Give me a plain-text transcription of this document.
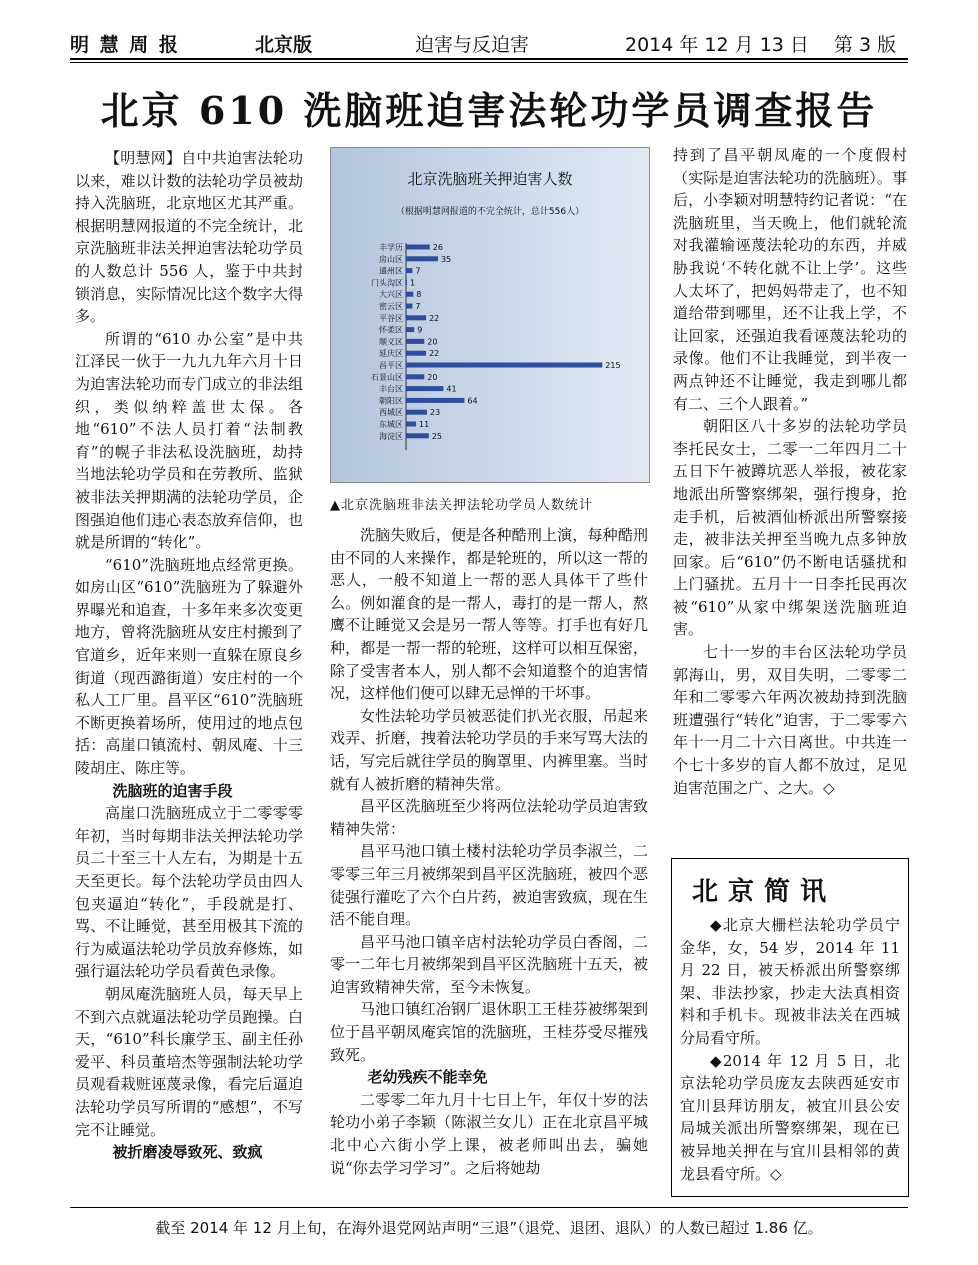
明 慧 周 报	北京版	迫害与反迫害	2014 年 12 月 13 日 第 3 版
北京 610 洗脑班迫害法轮功学员调查报告

【明慧网】自中共迫害法轮功以来，难以计数的法轮功学员被劫持入洗脑班，北京地区尤其严重。根据明慧网报道的不完全统计，北京洗脑班非法关押迫害法轮功学员的人数总计 556 人，鉴于中共封锁消息，实际情况比这个数字大得多。

所谓的“610 办公室”是中共江泽民一伙于一九九九年六月十日为迫害法轮功而专门成立的非法组织，类似纳粹盖世太保。各地“610”不法人员打着“法制教育”的幌子非法私设洗脑班，劫持当地法轮功学员和在劳教所、监狱被非法关押期满的法轮功学员，企图强迫他们违心表态放弃信仰，也就是所谓的“转化”。

“610”洗脑班地点经常更换。如房山区“610”洗脑班为了躲避外界曝光和追查，十多年来多次变更地方，曾将洗脑班从安庄村搬到了官道乡，近年来则一直躲在原良乡街道（现西潞街道）安庄村的一个私人工厂里。昌平区“610”洗脑班不断更换着场所，使用过的地点包括：高崖口镇流村、朝凤庵、十三陵胡庄、陈庄等。

洗脑班的迫害手段

高崖口洗脑班成立于二零零零年初，当时每期非法关押法轮功学员二十至三十人左右，为期是十五天至更长。每个法轮功学员由四人包夹逼迫“转化”，手段就是打、骂、不让睡觉，甚至用极其下流的行为威逼法轮功学员放弃修炼，如强行逼法轮功学员看黄色录像。

朝凤庵洗脑班人员，每天早上不到六点就逼法轮功学员跑操。白天，“610”科长廉学玉、副主任孙爱平、科员董培杰等强制法轮功学员观看栽赃诬蔑录像，看完后逼迫法轮功学员写所谓的“感想”，不写完不让睡觉。

被折磨凌辱致死、致疯
北京洗脑班关押迫害人数
（根据明慧网报道的不完全统计，总计556人）
丰学历	26
房山区	35
通州区 7
门头沟区 1
大兴区 8
密云区 7
平谷区	22
怀柔区 9
顺义区	20
延庆区	22
昌平区	215
石景山区	20
丰台区	41
朝阳区	64
西城区	23
东城区 11
海淀区	25
▲北京洗脑班非法关押法轮功学员人数统计

洗脑失败后，便是各种酷刑上演，每种酷刑由不同的人来操作，都是轮班的，所以这一帮的恶人，一般不知道上一帮的恶人具体干了些什么。例如灌食的是一帮人，毒打的是一帮人，熬鹰不让睡觉又会是另一帮人等等。打手也有好几种，都是一帮一帮的轮班，这样可以相互保密，除了受害者本人，别人都不会知道整个的迫害情况，这样他们便可以肆无忌惮的干坏事。

女性法轮功学员被恶徒们扒光衣服，吊起来戏弄、折磨，拽着法轮功学员的手来写骂大法的话，写完后就往学员的胸罩里、内裤里塞。当时就有人被折磨的精神失常。

昌平区洗脑班至少将两位法轮功学员迫害致精神失常：

昌平马池口镇土楼村法轮功学员李淑兰，二零零三年三月被绑架到昌平区洗脑班，被四个恶徒强行灌吃了六个白片药，被迫害致疯，现在生活不能自理。

昌平马池口镇辛店村法轮功学员白香阁，二零一二年七月被绑架到昌平区洗脑班十五天，被迫害致精神失常，至今未恢复。

马池口镇红冶钢厂退休职工王桂芬被绑架到位于昌平朝凤庵宾馆的洗脑班，王桂芬受尽摧残致死。

老幼残疾不能幸免

二零零二年九月十七日上午，年仅十岁的法轮功小弟子李颖（陈淑兰女儿）正在北京昌平城北中心六街小学上课，被老师叫出去，骗她说“你去学习学习”。之后将她劫

持到了昌平朝凤庵的一个度假村（实际是迫害法轮功的洗脑班）。事后，小李颖对明慧特约记者说：“在洗脑班里，当天晚上，他们就轮流对我灌输诬蔑法轮功的东西，并威胁我说‘不转化就不让上学’。这些人太坏了，把妈妈带走了，也不知道给带到哪里，还不让我上学，不让回家，还强迫我看诬蔑法轮功的录像。他们不让我睡觉，到半夜一两点钟还不让睡觉，我走到哪儿都有二、三个人跟着。”

朝阳区八十多岁的法轮功学员李托民女士，二零一二年四月二十五日下午被蹲坑恶人举报，被花家地派出所警察绑架，强行搜身，抢走手机，后被酒仙桥派出所警察接走，被非法关押至当晚九点多钟放回家。后“610”仍不断电话骚扰和上门骚扰。五月十一日李托民再次被“610”从家中绑架送洗脑班迫害。

七十一岁的丰台区法轮功学员郭海山，男，双目失明，二零零二年和二零零六年两次被劫持到洗脑班遭强行“转化”迫害，于二零零六年十一月二十六日离世。中共连一个七十多岁的盲人都不放过，足见迫害范围之广、之大。◇

北京简讯

◆北京大栅栏法轮功学员宁金华，女，54 岁，2014 年 11 月 22 日，被天桥派出所警察绑架、非法抄家，抄走大法真相资料和手机卡。现被非法关在西城分局看守所。

◆2014 年 12 月 5 日，北京法轮功学员庞友去陕西延安市宜川县拜访朋友，被宜川县公安局城关派出所警察绑架，现在已被异地关押在与宜川县相邻的黄龙县看守所。◇

截至 2014 年 12 月上旬，在海外退党网站声明“三退”（退党、退团、退队）的人数已超过 1.86 亿。
